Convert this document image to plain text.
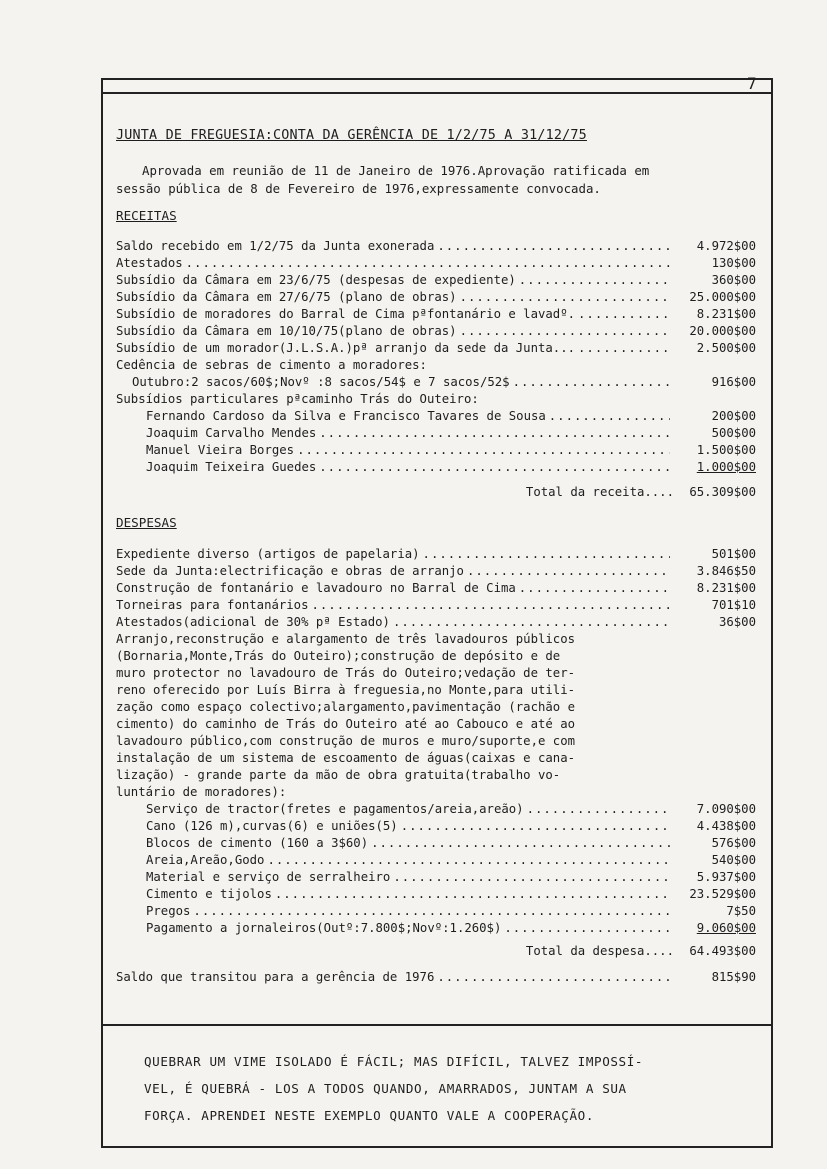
7
JUNTA DE FREGUESIA:CONTA DA GERÊNCIA DE 1/2/75 A 31/12/75
Aprovada em reunião de 11 de Janeiro de 1976.Aprovação ratificada em
sessão pública de 8 de Fevereiro de 1976,expressamente convocada.
RECEITAS
Saldo recebido em 1/2/75 da Junta exonerada .....	4.972$00
Atestados .....	130$00
Subsídio da Câmara em 23/6/75 (despesas de expediente) .....	360$00
Subsídio da Câmara em 27/6/75 (plano de obras) .....	25.000$00
Subsídio de moradores do Barral de Cima pªfontanário e lavadº. .....	8.231$00
Subsídio da Câmara em 10/10/75(plano de obras) .....	20.000$00
Subsídio de um morador(J.L.S.A.)pª arranjo da sede da Junta... .....	2.500$00
Cedência de sebras de cimento a moradores:
Outubro:2 sacos/60$;Novº :8 sacos/54$ e 7 sacos/52$ .....	916$00
Subsídios particulares pªcaminho Trás do Outeiro:
Fernando Cardoso da Silva e Francisco Tavares de Sousa .....	200$00
Joaquim Carvalho Mendes .....	500$00
Manuel Vieira Borges .....	1.500$00
Joaquim Teixeira Guedes .....	1.000$00
Total da receita....	65.309$00
DESPESAS
Expediente diverso (artigos de papelaria) .....	501$00
Sede da Junta:electrificação e obras de arranjo .....	3.846$50
Construção de fontanário e lavadouro no Barral de Cima .....	8.231$00
Torneiras para fontanários .....	701$10
Atestados(adicional de 30% pª Estado) .....	36$00
Arranjo,reconstrução e alargamento de três lavadouros públicos
(Bornaria,Monte,Trás do Outeiro);construção de depósito e de
muro protector no lavadouro de Trás do Outeiro;vedação de ter-
reno oferecido por Luís Birra à freguesia,no Monte,para utili-
zação como espaço colectivo;alargamento,pavimentação (rachão e
cimento) do caminho de Trás do Outeiro até ao Cabouco e até ao
lavadouro público,com construção de muros e muro/suporte,e com
instalação de um sistema de escoamento de águas(caixas e cana-
lização) - grande parte da mão de obra gratuita(trabalho vo-
luntário de moradores):
Serviço de tractor(fretes e pagamentos/areia,areão) .....	7.090$00
Cano (126 m),curvas(6) e uniões(5) .....	4.438$00
Blocos de cimento (160 a 3$60) .....	576$00
Areia,Areão,Godo .....	540$00
Material e serviço de serralheiro .....	5.937$00
Cimento e tijolos .....	23.529$00
Pregos .....	7$50
Pagamento a jornaleiros(Outº:7.800$;Novº:1.260$) .....	9.060$00
Total da despesa....	64.493$00
Saldo que transitou para a gerência de 1976 .....	815$90
QUEBRAR UM VIME ISOLADO É FÁCIL; MAS DIFÍCIL, TALVEZ IMPOSSÍ-
VEL, É QUEBRÁ - LOS A TODOS QUANDO, AMARRADOS, JUNTAM A SUA
FORÇA. APRENDEI NESTE EXEMPLO QUANTO VALE A COOPERAÇÃO.
